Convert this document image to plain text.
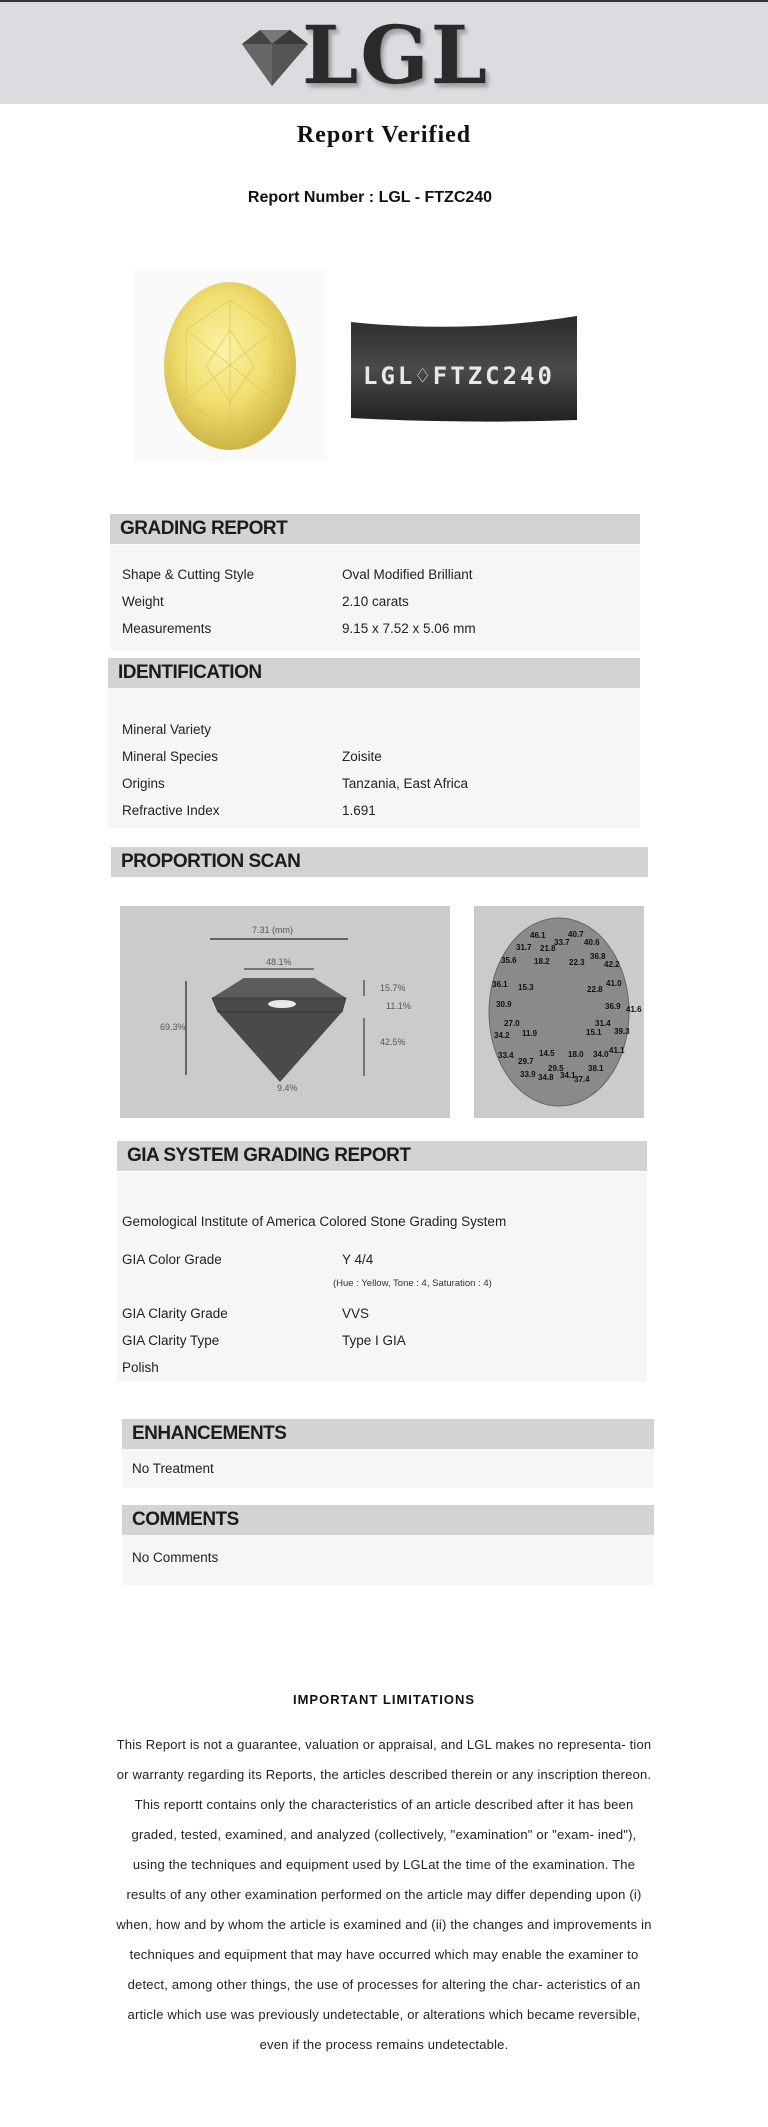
LGL
Report Verified
Report Number : LGL - FTZC240
LGL♢FTZC240
GRADING REPORT
Shape & Cutting Style	Oval Modified Brilliant
Weight	2.10 carats
Measurements	9.15 x 7.52 x 5.06 mm
IDENTIFICATION
Mineral Variety
Mineral Species	Zoisite
Origins	Tanzania, East Africa
Refractive Index	1.691
PROPORTION SCAN
7.31 (mm)
48.1%
69.3%
15.7%
11.1%
42.5%
9.4%
46.1	40.7
31.7 21.8
33.7 40.6
35.6 18.2 22.3
36.8
42.2
36.1 15.3	41.0
22.8
30.9	36.9 41.6
27.0	31.4
34.2 11.9	15.1 39.3
41.1
33.4	14.5 18.0 34.0
29.7
29.5	38.1
33.9 34.8 34.1
37.4
GIA SYSTEM GRADING REPORT
Gemological Institute of America Colored Stone Grading System
GIA Color Grade	Y 4/4
(Hue : Yellow, Tone : 4, Saturation : 4)
GIA Clarity Grade	VVS
GIA Clarity Type	Type I GIA
Polish
ENHANCEMENTS
No Treatment
COMMENTS
No Comments
IMPORTANT LIMITATIONS
This Report is not a guarantee, valuation or appraisal, and LGL makes no representa- tion or warranty regarding its Reports, the articles described therein or any inscription thereon. This reportt contains only the characteristics of an article described after it has been graded, tested, examined, and analyzed (collectively, "examination" or "exam- ined"), using the techniques and equipment used by LGLat the time of the examination. The results of any other examination performed on the article may differ depending upon (i) when, how and by whom the article is examined and (ii) the changes and improvements in techniques and equipment that may have occurred which may enable the examiner to detect, among other things, the use of processes for altering the char- acteristics of an article which use was previously undetectable, or alterations which became reversible, even if the process remains undetectable.
